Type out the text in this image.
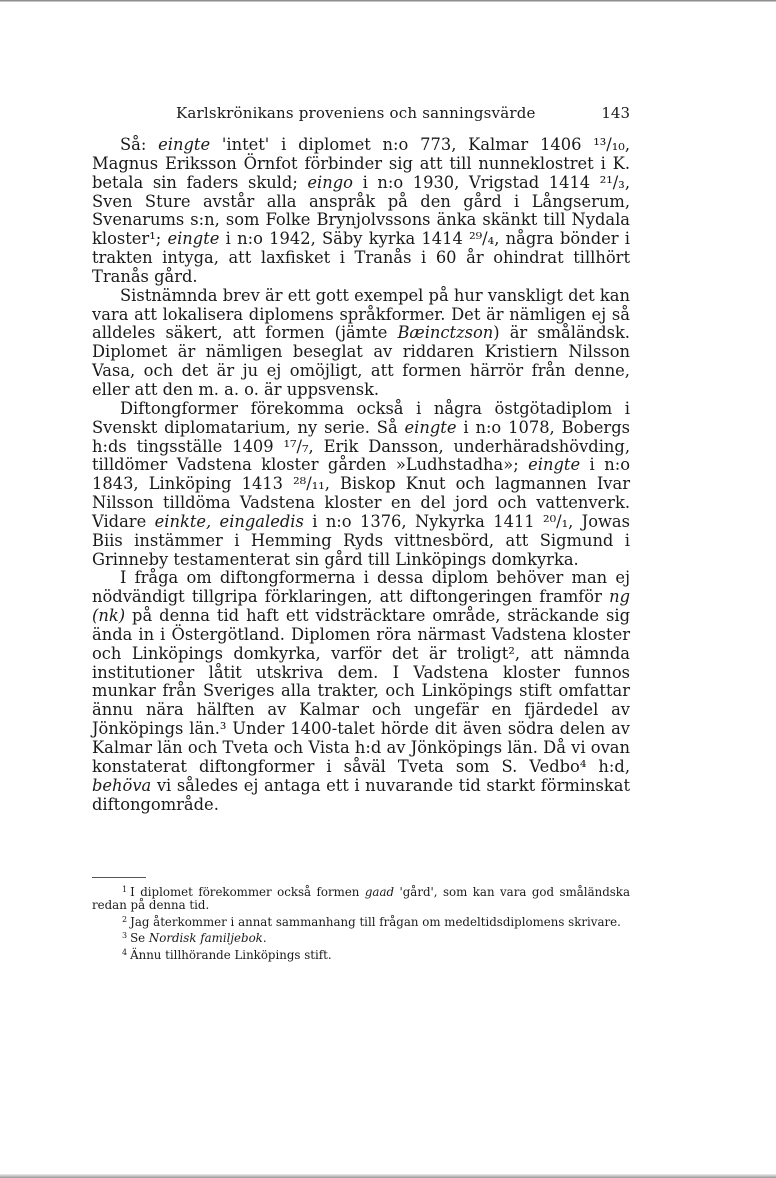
Karlskrönikans proveniens och sanningsvärde	143

Så: eingte 'intet' i diplomet n:o 773, Kalmar 1406 ¹³/₁₀, Magnus Eriksson Örnfot förbinder sig att till nunneklostret i K. betala sin faders skuld; eingo i n:o 1930, Vrigstad 1414 ²¹/₃, Sven Sture avstår alla anspråk på den gård i Långserum, Svenarums s:n, som Folke Brynjolvssons änka skänkt till Nydala kloster¹; eingte i n:o 1942, Säby kyrka 1414 ²⁹/₄, några bönder i trakten intyga, att laxfisket i Tranås i 60 år ohindrat tillhört Tranås gård.

Sistnämnda brev är ett gott exempel på hur vanskligt det kan vara att lokalisera diplomens språkformer. Det är nämligen ej så alldeles säkert, att formen (jämte Bæinctzson) är småländsk. Diplomet är nämligen beseglat av riddaren Kristiern Nilsson Vasa, och det är ju ej omöjligt, att formen härrör från denne, eller att den m. a. o. är uppsvensk.

Diftongformer förekomma också i några östgötadiplom i Svenskt diplomatarium, ny serie. Så eingte i n:o 1078, Bobergs h:ds tingsställe 1409 ¹⁷/₇, Erik Dansson, underhäradshövding, tilldömer Vadstena kloster gården »Ludhstadha»; eingte i n:o 1843, Linköping 1413 ²⁸/₁₁, Biskop Knut och lagmannen Ivar Nilsson tilldöma Vadstena kloster en del jord och vattenverk. Vidare einkte, eingaledis i n:o 1376, Nykyrka 1411 ²⁰/₁, Jowas Biis instämmer i Hemming Ryds vittnesbörd, att Sigmund i Grinneby testamenterat sin gård till Linköpings domkyrka.

I fråga om diftongformerna i dessa diplom behöver man ej nödvändigt tillgripa förklaringen, att diftongeringen framför ng (nk) på denna tid haft ett vidsträcktare område, sträckande sig ända in i Östergötland. Diplomen röra närmast Vadstena kloster och Linköpings domkyrka, varför det är troligt², att nämnda institutioner låtit utskriva dem. I Vadstena kloster funnos munkar från Sveriges alla trakter, och Linköpings stift omfattar ännu nära hälften av Kalmar och ungefär en fjärdedel av Jönköpings län.³ Under 1400-talet hörde dit även södra delen av Kalmar län och Tveta och Vista h:d av Jönköpings län. Då vi ovan konstaterat diftongformer i såväl Tveta som S. Vedbo⁴ h:d, behöva vi således ej antaga ett i nuvarande tid starkt förminskat diftongområde.

$^1$ I diplomet förekommer också formen gaad 'gård', som kan vara god småländska redan på denna tid.

$^2$ Jag återkommer i annat sammanhang till frågan om medeltidsdiplomens skrivare.

$^3$ Se Nordisk familjebok.

$^4$ Ännu tillhörande Linköpings stift.
